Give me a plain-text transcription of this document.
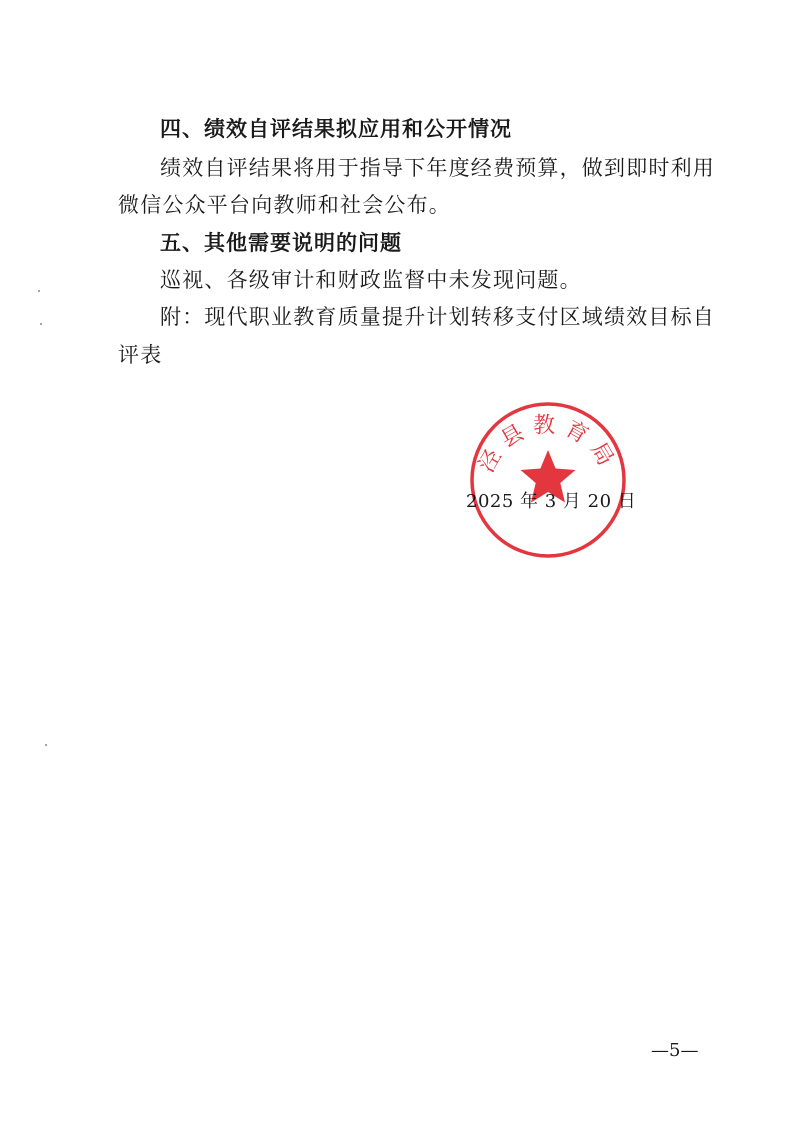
四、绩效自评结果拟应用和公开情况
绩效自评结果将用于指导下年度经费预算，做到即时利用
微信公众平台向教师和社会公布。
五、其他需要说明的问题
巡视、各级审计和财政监督中未发现问题。
附：现代职业教育质量提升计划转移支付区域绩效目标自
评表
2025 年 3 月 20 日
泾县教育局
—5—
